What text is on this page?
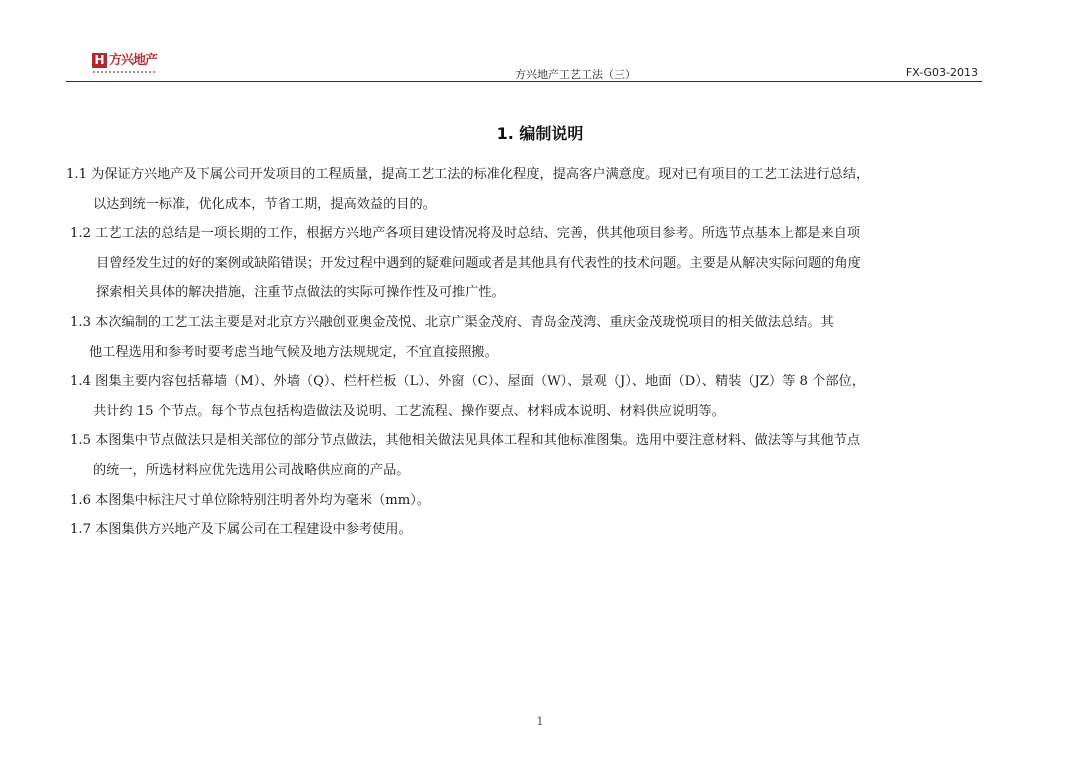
H 方兴地产
方兴地产工艺工法（三）	FX-G03-2013
1. 编制说明
1.1 为保证方兴地产及下属公司开发项目的工程质量，提高工艺工法的标准化程度，提高客户满意度。现对已有项目的工艺工法进行总结，
以达到统一标准，优化成本，节省工期，提高效益的目的。
1.2 工艺工法的总结是一项长期的工作，根据方兴地产各项目建设情况将及时总结、完善，供其他项目参考。所选节点基本上都是来自项
目曾经发生过的好的案例或缺陷错误；开发过程中遇到的疑难问题或者是其他具有代表性的技术问题。主要是从解决实际问题的角度
探索相关具体的解决措施，注重节点做法的实际可操作性及可推广性。
1.3 本次编制的工艺工法主要是对北京方兴融创亚奥金茂悦、北京广渠金茂府、青岛金茂湾、重庆金茂珑悦项目的相关做法总结。其
他工程选用和参考时要考虑当地气候及地方法规规定，不宜直接照搬。
1.4 图集主要内容包括幕墙（M）、外墙（Q）、栏杆栏板（L）、外窗（C）、屋面（W）、景观（J）、地面（D）、精装（JZ）等 8 个部位，
共计约 15 个节点。每个节点包括构造做法及说明、工艺流程、操作要点、材料成本说明、材料供应说明等。
1.5 本图集中节点做法只是相关部位的部分节点做法，其他相关做法见具体工程和其他标准图集。选用中要注意材料、做法等与其他节点
的统一，所选材料应优先选用公司战略供应商的产品。
1.6 本图集中标注尺寸单位除特别注明者外均为毫米（mm）。
1.7 本图集供方兴地产及下属公司在工程建设中参考使用。
1
